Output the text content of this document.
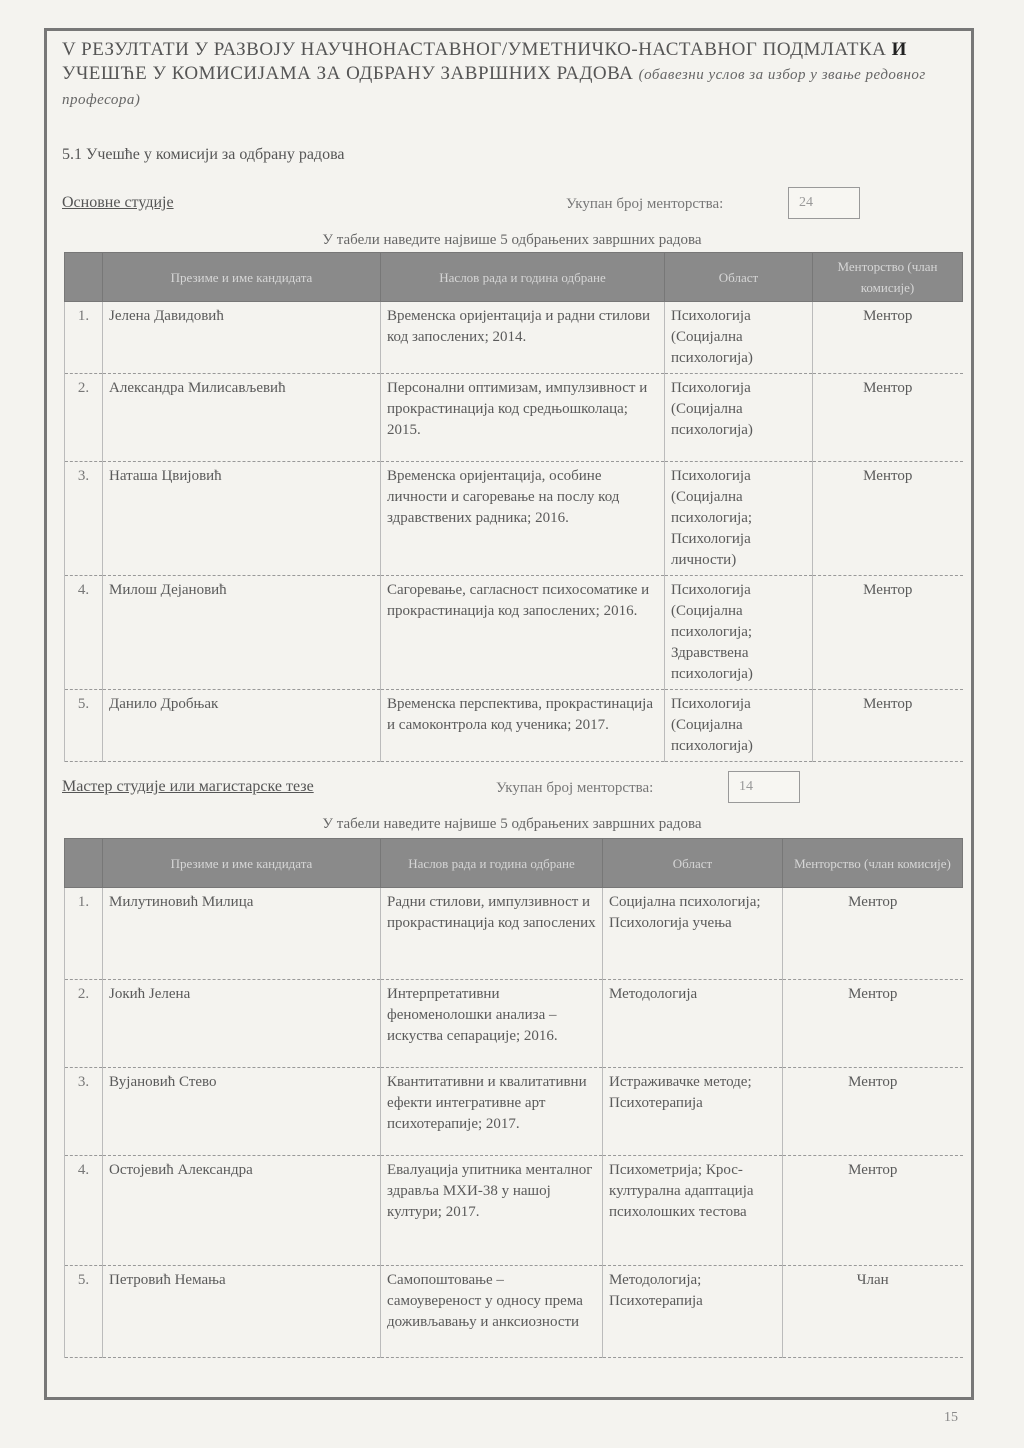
V РЕЗУЛТАТИ У РАЗВОЈУ НАУЧНОНАСТАВНОГ/УМЕТНИЧКО-НАСТАВНОГ ПОДМЛАТКА И УЧЕШЋЕ У КОМИСИЈАМА ЗА ОДБРАНУ ЗАВРШНИХ РАДОВА (обавезни услов за избор у звање редовног професора)
5.1 Учешће у комисији за одбрану радова
Основне студије	Укупан број менторства:	24
У табели наведите највише 5 одбрањених завршних радова
	Презиме и име кандидата	Наслов рада и година одбране	Област	Менторство (члан комисије)
1.	Јелена Давидовић	Временска оријентација и радни стилови код запослених; 2014.	Психологија (Социјална психологија)	Ментор
2.	Александра Милисављевић	Персонални оптимизам, импулзивност и прокрастинација код средњошколаца; 2015.	Психологија (Социјална психологија)	Ментор
3.	Наташа Цвијовић	Временска оријентација, особине личности и сагоревање на послу код здравствених радника; 2016.	Психологија (Социјална психологија; Психологија личности)	Ментор
4.	Милош Дејановић	Сагоревање, сагласност психосоматике и прокрастинација код запослених; 2016.	Психологија (Социјална психологија; Здравствена психологија)	Ментор
5.	Данило Дробњак	Временска перспектива, прокрастинација и самоконтрола код ученика; 2017.	Психологија (Социјална психологија)	Ментор
Мастер студије или магистарске тезе	Укупан број менторства:	14
У табели наведите највише 5 одбрањених завршних радова
	Презиме и име кандидата	Наслов рада и година одбране	Област	Менторство (члан комисије)
1.	Милутиновић Милица	Радни стилови, импулзивност и прокрастинација код запослених	Социјална психологија; Психологија учења	Ментор
2.	Јокић Јелена	Интерпретативни феноменолошки анализа – искуства сепарације; 2016.	Методологија	Ментор
3.	Вујановић Стево	Квантитативни и квалитативни ефекти интегративне арт психотерапије; 2017.	Истраживачке методе; Психотерапија	Ментор
4.	Остојевић Александра	Евалуација упитника менталног здравља МХИ-38 у нашој култури; 2017.	Психометрија; Крос-културална адаптација психолошких тестова	Ментор
5.	Петровић Немања	Самопоштовање – самоувереност у односу према доживљавању и анксиозности	Методологија; Психотерапија	Члан
15
